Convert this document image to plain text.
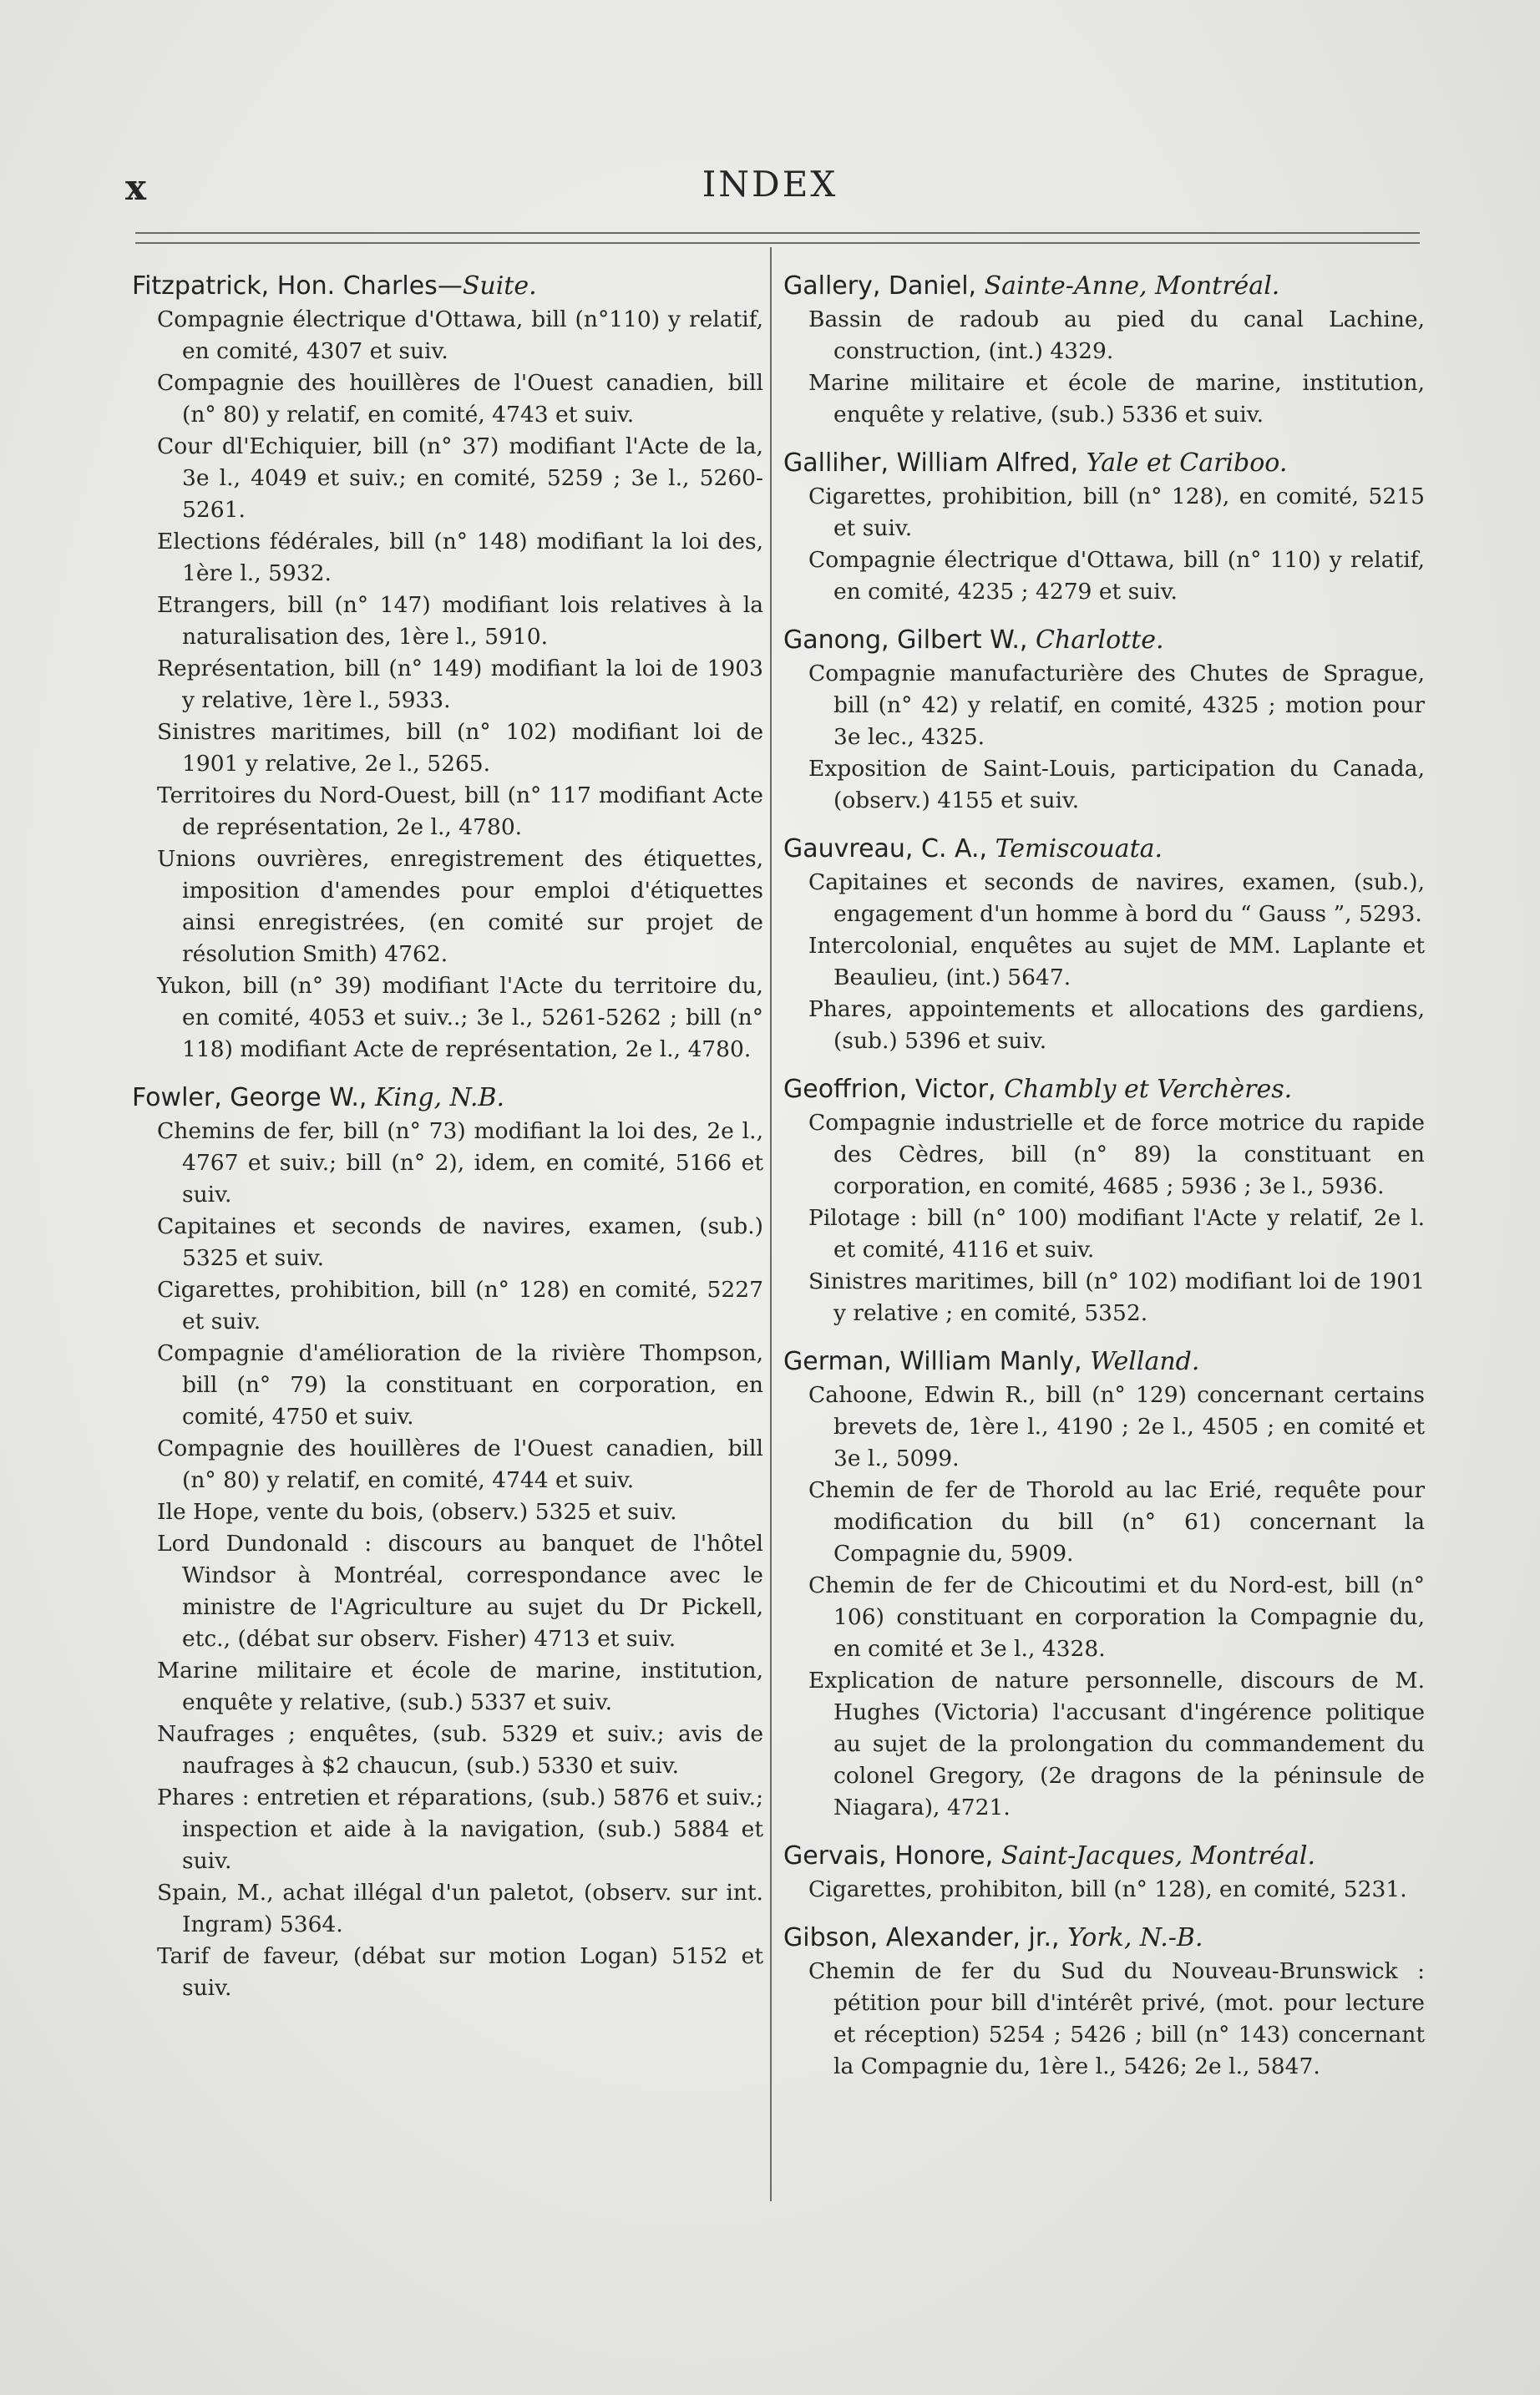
x	INDEX

Fitzpatrick, Hon. Charles—Suite.

Compagnie électrique d'Ottawa, bill (n°110) y relatif, en comité, 4307 et suiv.

Compagnie des houillères de l'Ouest canadien, bill (n° 80) y relatif, en comité, 4743 et suiv.

Cour dl'Echiquier, bill (n° 37) modifiant l'Acte de la, 3e l., 4049 et suiv.; en comité, 5259 ; 3e l., 5260-5261.

Elections fédérales, bill (n° 148) modifiant la loi des, 1ère l., 5932.

Etrangers, bill (n° 147) modifiant lois relatives à la naturalisation des, 1ère l., 5910.

Représentation, bill (n° 149) modifiant la loi de 1903 y relative, 1ère l., 5933.

Sinistres maritimes, bill (n° 102) modifiant loi de 1901 y relative, 2e l., 5265.

Territoires du Nord-Ouest, bill (n° 117 modifiant Acte de représentation, 2e l., 4780.

Unions ouvrières, enregistrement des étiquettes, imposition d'amendes pour emploi d'étiquettes ainsi enregistrées, (en comité sur projet de résolution Smith) 4762.

Yukon, bill (n° 39) modifiant l'Acte du territoire du, en comité, 4053 et suiv..; 3e l., 5261-5262 ; bill (n° 118) modifiant Acte de représentation, 2e l., 4780.

Fowler, George W., King, N.B.

Chemins de fer, bill (n° 73) modifiant la loi des, 2e l., 4767 et suiv.; bill (n° 2), idem, en comité, 5166 et suiv.

Capitaines et seconds de navires, examen, (sub.) 5325 et suiv.

Cigarettes, prohibition, bill (n° 128) en comité, 5227 et suiv.

Compagnie d'amélioration de la rivière Thompson, bill (n° 79) la constituant en corporation, en comité, 4750 et suiv.

Compagnie des houillères de l'Ouest canadien, bill (n° 80) y relatif, en comité, 4744 et suiv.

Ile Hope, vente du bois, (observ.) 5325 et suiv.

Lord Dundonald : discours au banquet de l'hôtel Windsor à Montréal, correspondance avec le ministre de l'Agriculture au sujet du Dr Pickell, etc., (débat sur observ. Fisher) 4713 et suiv.

Marine militaire et école de marine, institution, enquête y relative, (sub.) 5337 et suiv.

Naufrages ; enquêtes, (sub. 5329 et suiv.; avis de naufrages à $2 chaucun, (sub.) 5330 et suiv.

Phares : entretien et réparations, (sub.) 5876 et suiv.; inspection et aide à la navigation, (sub.) 5884 et suiv.

Spain, M., achat illégal d'un paletot, (observ. sur int. Ingram) 5364.

Tarif de faveur, (débat sur motion Logan) 5152 et suiv.

Gallery, Daniel, Sainte-Anne, Montréal.

Bassin de radoub au pied du canal Lachine, construction, (int.) 4329.

Marine militaire et école de marine, institution, enquête y relative, (sub.) 5336 et suiv.

Galliher, William Alfred, Yale et Cariboo.

Cigarettes, prohibition, bill (n° 128), en comité, 5215 et suiv.

Compagnie électrique d'Ottawa, bill (n° 110) y relatif, en comité, 4235 ; 4279 et suiv.

Ganong, Gilbert W., Charlotte.

Compagnie manufacturière des Chutes de Sprague, bill (n° 42) y relatif, en comité, 4325 ; motion pour 3e lec., 4325.

Exposition de Saint-Louis, participation du Canada, (observ.) 4155 et suiv.

Gauvreau, C. A., Temiscouata.

Capitaines et seconds de navires, examen, (sub.), engagement d'un homme à bord du “ Gauss ”, 5293.

Intercolonial, enquêtes au sujet de MM. Laplante et Beaulieu, (int.) 5647.

Phares, appointements et allocations des gardiens, (sub.) 5396 et suiv.

Geoffrion, Victor, Chambly et Verchères.

Compagnie industrielle et de force motrice du rapide des Cèdres, bill (n° 89) la constituant en corporation, en comité, 4685 ; 5936 ; 3e l., 5936.

Pilotage : bill (n° 100) modifiant l'Acte y relatif, 2e l. et comité, 4116 et suiv.

Sinistres maritimes, bill (n° 102) modifiant loi de 1901 y relative ; en comité, 5352.

German, William Manly, Welland.

Cahoone, Edwin R., bill (n° 129) concernant certains brevets de, 1ère l., 4190 ; 2e l., 4505 ; en comité et 3e l., 5099.

Chemin de fer de Thorold au lac Erié, requête pour modification du bill (n° 61) concernant la Compagnie du, 5909.

Chemin de fer de Chicoutimi et du Nord-est, bill (n° 106) constituant en corporation la Compagnie du, en comité et 3e l., 4328.

Explication de nature personnelle, discours de M. Hughes (Victoria) l'accusant d'ingérence politique au sujet de la prolongation du commandement du colonel Gregory, (2e dragons de la péninsule de Niagara), 4721.

Gervais, Honore, Saint-Jacques, Montréal.

Cigarettes, prohibiton, bill (n° 128), en comité, 5231.

Gibson, Alexander, jr., York, N.-B.

Chemin de fer du Sud du Nouveau-Brunswick : pétition pour bill d'intérêt privé, (mot. pour lecture et réception) 5254 ; 5426 ; bill (n° 143) concernant la Compagnie du, 1ère l., 5426; 2e l., 5847.
